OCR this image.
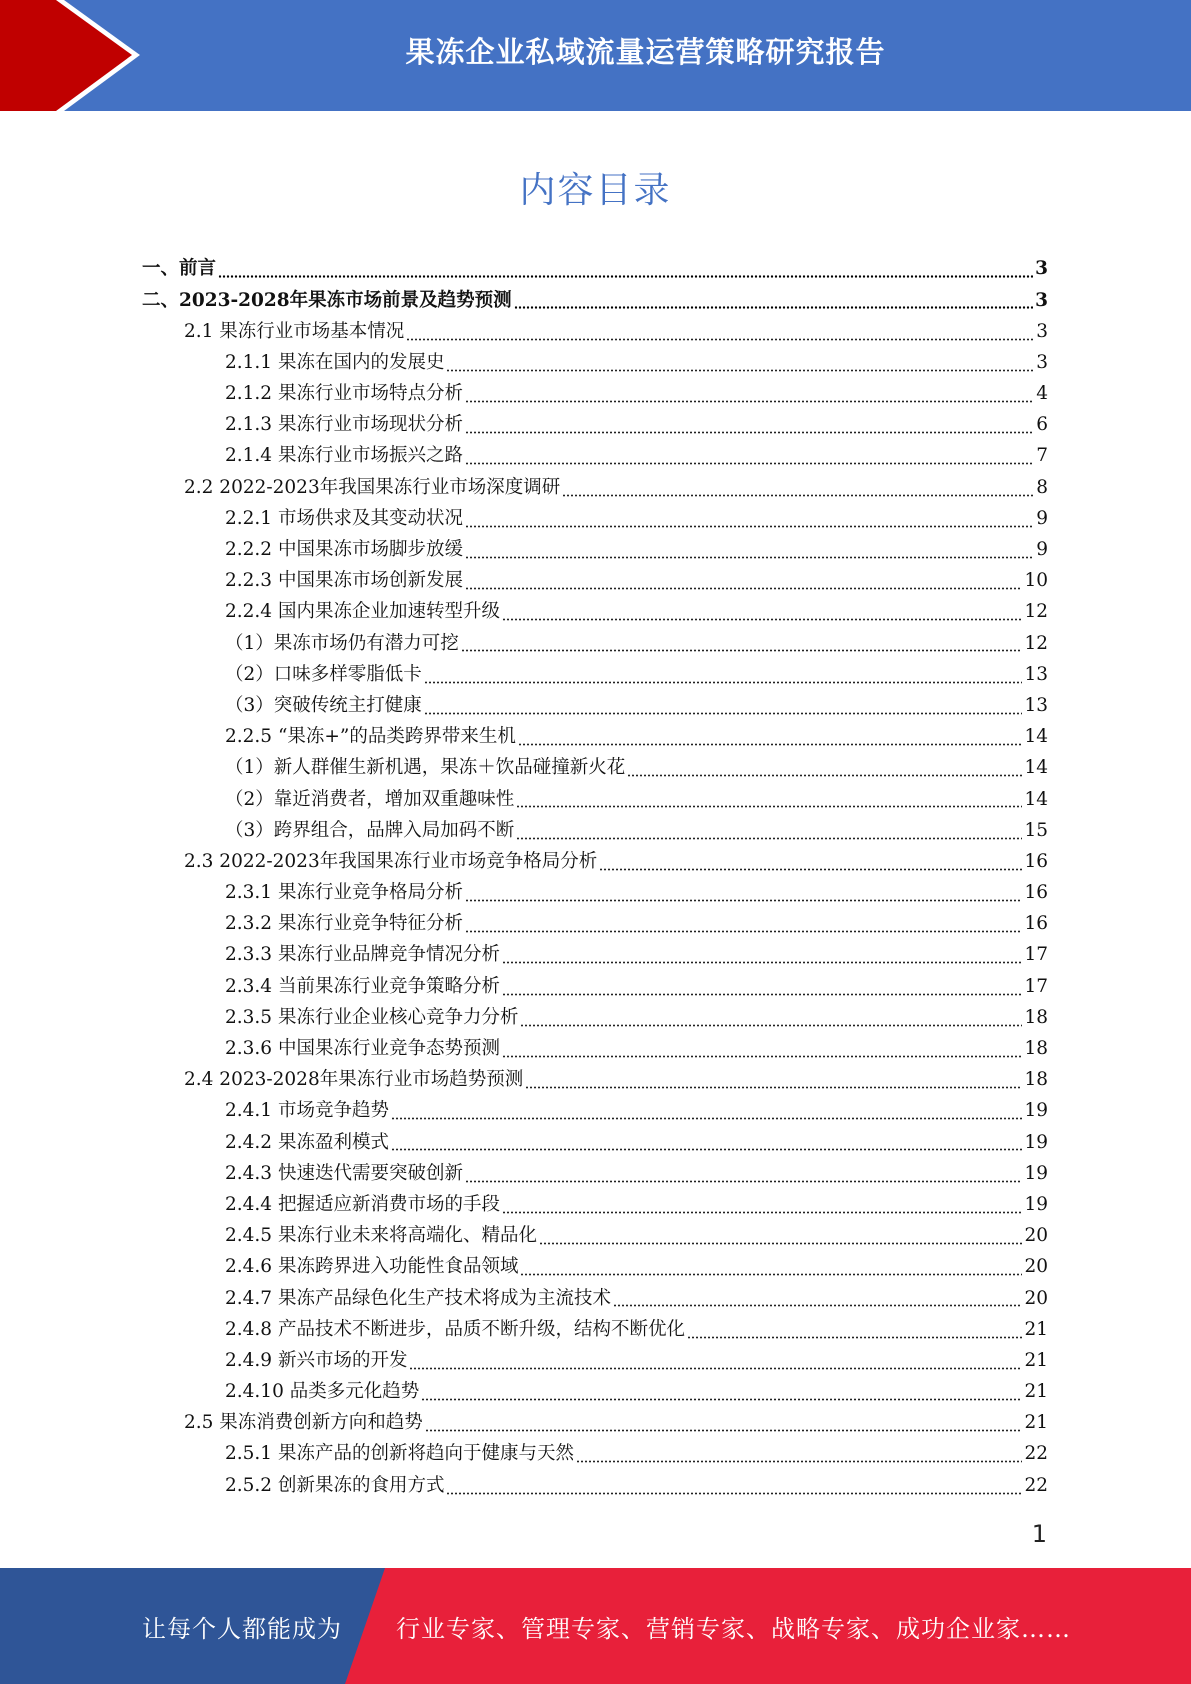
果冻企业私域流量运营策略研究报告
内容目录
一、前言	3
二、2023-2028年果冻市场前景及趋势预测	3
2.1 果冻行业市场基本情况	3
2.1.1 果冻在国内的发展史	3
2.1.2 果冻行业市场特点分析	4
2.1.3 果冻行业市场现状分析	6
2.1.4 果冻行业市场振兴之路	7
2.2 2022-2023年我国果冻行业市场深度调研	8
2.2.1 市场供求及其变动状况	9
2.2.2 中国果冻市场脚步放缓	9
2.2.3 中国果冻市场创新发展	10
2.2.4 国内果冻企业加速转型升级	12
（1）果冻市场仍有潜力可挖	12
（2）口味多样零脂低卡	13
（3）突破传统主打健康	13
2.2.5 “果冻+”的品类跨界带来生机	14
（1）新人群催生新机遇，果冻＋饮品碰撞新火花	14
（2）靠近消费者，增加双重趣味性	14
（3）跨界组合，品牌入局加码不断	15
2.3 2022-2023年我国果冻行业市场竞争格局分析	16
2.3.1 果冻行业竞争格局分析	16
2.3.2 果冻行业竞争特征分析	16
2.3.3 果冻行业品牌竞争情况分析	17
2.3.4 当前果冻行业竞争策略分析	17
2.3.5 果冻行业企业核心竞争力分析	18
2.3.6 中国果冻行业竞争态势预测	18
2.4 2023-2028年果冻行业市场趋势预测	18
2.4.1 市场竞争趋势	19
2.4.2 果冻盈利模式	19
2.4.3 快速迭代需要突破创新	19
2.4.4 把握适应新消费市场的手段	19
2.4.5 果冻行业未来将高端化、精品化	20
2.4.6 果冻跨界进入功能性食品领域	20
2.4.7 果冻产品绿色化生产技术将成为主流技术	20
2.4.8 产品技术不断进步，品质不断升级，结构不断优化	21
2.4.9 新兴市场的开发	21
2.4.10 品类多元化趋势	21
2.5 果冻消费创新方向和趋势	21
2.5.1 果冻产品的创新将趋向于健康与天然	22
2.5.2 创新果冻的食用方式	22
1
让每个人都能成为 行业专家、管理专家、营销专家、战略专家、成功企业家……
